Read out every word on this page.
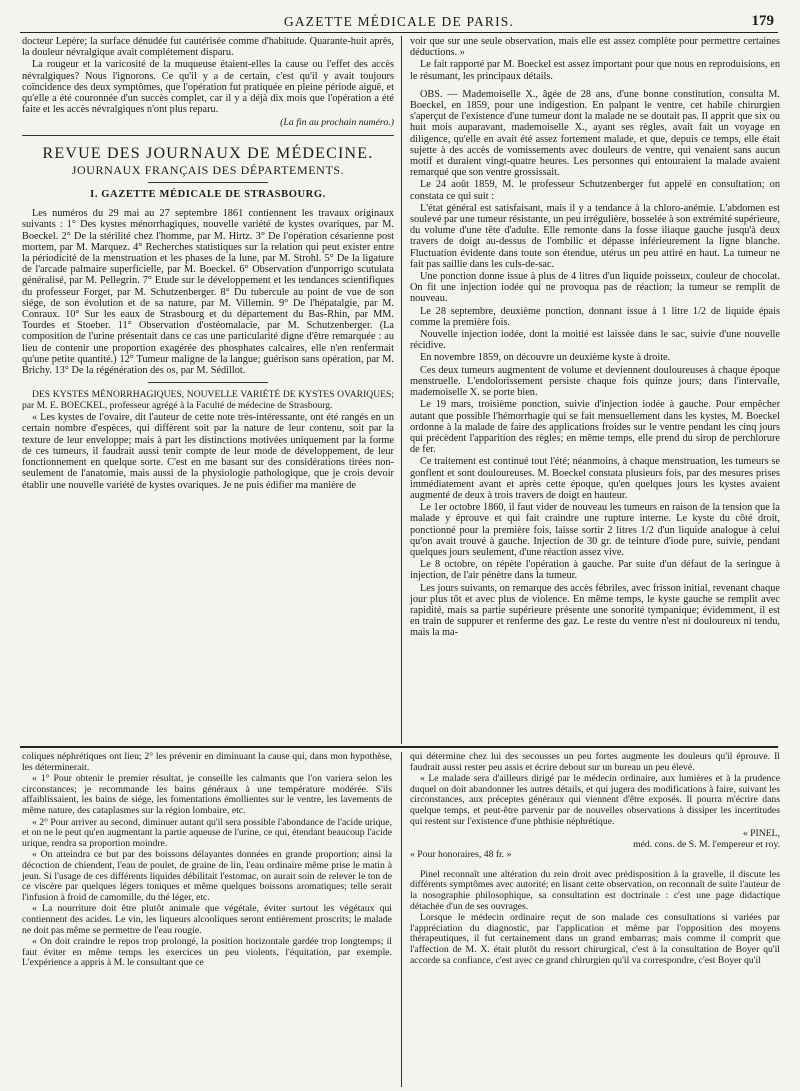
GAZETTE MÉDICALE DE PARIS.	179

docteur Lepère; la surface dénudée fut cautérisée comme d'habitude. Quarante-huit après, la douleur névralgique avait complétement disparu.

La rougeur et la varicosité de la muqueuse étaient-elles la cause ou l'effet des accès névralgiques? Nous l'ignorons. Ce qu'il y a de certain, c'est qu'il y avait toujours coïncidence des deux symptômes, que l'opération fut pratiquée en pleine période aiguë, et qu'elle a été couronnée d'un succès complet, car il y a déjà dix mois que l'opération a été faite et les accès névralgiques n'ont plus reparu.

(La fin au prochain numéro.)
REVUE DES JOURNAUX DE MÉDECINE.
JOURNAUX FRANÇAIS DES DÉPARTEMENTS.
I. GAZETTE MÉDICALE DE STRASBOURG.

Les numéros du 29 mai au 27 septembre 1861 contiennent les travaux originaux suivants : 1° Des kystes ménorrhagiques, nouvelle variété de kystes ovariques, par M. Boeckel. 2° De la stérilité chez l'homme, par M. Hirtz. 3° De l'opération césarienne post mortem, par M. Marquez. 4° Recherches statistiques sur la relation qui peut exister entre la périodicité de la menstruation et les phases de la lune, par M. Strohl. 5° De la ligature de l'arcade palmaire superficielle, par M. Boeckel. 6° Observation d'unporrigo scutulata généralisé, par M. Pellegrin. 7° Etude sur le développement et les tendances scientifiques du professeur Forget, par M. Schutzenberger. 8° Du tubercule au point de vue de son siége, de son évolution et de sa nature, par M. Villemin. 9° De l'hépatalgie, par M. Conraux. 10° Sur les eaux de Strasbourg et du département du Bas-Rhin, par MM. Tourdes et Stoeber. 11° Observation d'ostéomalacie, par M. Schutzenberger. (La composition de l'urine présentait dans ce cas une particularité digne d'être remarquée : au lieu de contenir une proportion exagérée des phosphates calcaires, elle n'en renfermait qu'une petite quantité.) 12° Tumeur maligne de la langue; guérison sans opération, par M. Brichy. 13° De la régénération des os, par M. Sédillot.

DES KYSTES MÉNORRHAGIQUES, NOUVELLE VARIÉTÉ DE KYSTES OVARIQUES; par M. E. BOECKEL, professeur agrégé à la Faculté de médecine de Strasbourg.

« Les kystes de l'ovaire, dit l'auteur de cette note très-intéressante, ont été rangés en un certain nombre d'espèces, qui diffèrent soit par la nature de leur contenu, soit par la texture de leur enveloppe; mais à part les distinctions motivées uniquement par la forme de ces tumeurs, il faudrait aussi tenir compte de leur mode de développement, de leur fonctionnement en quelque sorte. C'est en me basant sur des considérations tirées non-seulement de l'anatomie, mais aussi de la physiologie pathologique, que je crois devoir établir une nouvelle variété de kystes ovariques. Je ne puis édifier ma manière de

voir que sur une seule observation, mais elle est assez complète pour permettre certaines déductions. »

Le fait rapporté par M. Boeckel est assez important pour que nous en reproduisions, en le résumant, les principaux détails.

OBS. — Mademoiselle X., âgée de 28 ans, d'une bonne constitution, consulta M. Boeckel, en 1859, pour une indigestion. En palpant le ventre, cet habile chirurgien s'aperçut de l'existence d'une tumeur dont la malade ne se doutait pas. Il apprit que six ou huit mois auparavant, mademoiselle X., ayant ses règles, avait fait un voyage en diligence, qu'elle en avait été assez fortement malade, et que, depuis ce temps, elle était sujette à des accès de vomissements avec douleurs de ventre, qui venaient sans aucun motif et duraient vingt-quatre heures. Les personnes qui entouraient la malade avaient remarqué que son ventre grossissait.

Le 24 août 1859, M. le professeur Schutzenberger fut appelé en consultation; on constata ce qui suit :

L'état général est satisfaisant, mais il y a tendance à la chloro-anémie. L'abdomen est soulevé par une tumeur résistante, un peu irrégulière, bosselée à son extrémité supérieure, du volume d'une tête d'adulte. Elle remonte dans la fosse iliaque gauche jusqu'à deux travers de doigt au-dessus de l'ombilic et dépasse inférieurement la ligne blanche. Fluctuation évidente dans toute son étendue, utérus un peu attiré en haut. La tumeur ne fait pas saillie dans les culs-de-sac.

Une ponction donne issue à plus de 4 litres d'un liquide poisseux, couleur de chocolat. On fit une injection iodée qui ne provoqua pas de réaction; la tumeur se remplit de nouveau.

Le 28 septembre, deuxième ponction, donnant issue à 1 litre 1/2 de liquide épais comme la première fois.

Nouvelle injection iodée, dont la moitié est laissée dans le sac, suivie d'une nouvelle récidive.

En novembre 1859, on découvre un deuxième kyste à droite.

Ces deux tumeurs augmentent de volume et deviennent douloureuses à chaque époque menstruelle. L'endolorissement persiste chaque fois quinze jours; dans l'intervalle, mademoiselle X. se porte bien.

Le 19 mars, troisième ponction, suivie d'injection iodée à gauche. Pour empêcher autant que possible l'hémorrhagie qui se fait mensuellement dans les kystes, M. Boeckel ordonne à la malade de faire des applications froides sur le ventre pendant les cinq jours qui précèdent l'apparition des règles; en même temps, elle prend du sirop de perchlorure de fer.

Ce traitement est continué tout l'été; néanmoins, à chaque menstruation, les tumeurs se gonflent et sont douloureuses. M. Boeckel constata plusieurs fois, par des mesures prises immédiatement avant et après cette époque, qu'en quelques jours les kystes avaient augmenté de deux à trois travers de doigt en hauteur.

Le 1er octobre 1860, il faut vider de nouveau les tumeurs en raison de la tension que la malade y éprouve et qui fait craindre une rupture interne. Le kyste du côté droit, ponctionné pour la première fois, laisse sortir 2 litres 1/2 d'un liquide analogue à celui qu'on avait trouvé à gauche. Injection de 30 gr. de teinture d'iode pure, suivie, pendant quelques jours seulement, d'une réaction assez vive.

Le 8 octobre, on répète l'opération à gauche. Par suite d'un défaut de la seringue à injection, de l'air pénètre dans la tumeur.

Les jours suivants, on remarque des accès fébriles, avec frisson initial, revenant chaque jour plus tôt et avec plus de violence. En même temps, le kyste gauche se remplit avec rapidité, mais sa partie supérieure présente une sonorité tympanique; évidemment, il est en train de suppurer et renferme des gaz. Le reste du ventre n'est ni douloureux ni tendu, mais la ma-

coliques néphrétiques ont lieu; 2° les prévenir en diminuant la cause qui, dans mon hypothèse, les déterminerait.

« 1° Pour obtenir le premier résultat, je conseille les calmants que l'on variera selon les circonstances; je recommande les bains généraux à une température modérée. S'ils affaiblissaient, les bains de siége, les fomentations émollientes sur le ventre, les lavements de même nature, des cataplasmes sur la région lombaire, etc.

« 2° Pour arriver au second, diminuer autant qu'il sera possible l'abondance de l'acide urique, et on ne le peut qu'en augmentant la partie aqueuse de l'urine, ce qui, étendant beaucoup l'acide urique, rendra sa proportion moindre.

« On atteindra ce but par des boissons délayantes données en grande proportion; ainsi la décoction de chiendent, l'eau de poulet, de graine de lin, l'eau ordinaire même prise le matin à jeun. Si l'usage de ces différents liquides débilitait l'estomac, on aurait soin de relever le ton de ce viscère par quelques légers toniques et même quelques boissons aromatiques; telle serait l'infusion à froid de camomille, du thé léger, etc.

« La nourriture doit être plutôt animale que végétale, éviter surtout les végétaux qui contiennent des acides. Le vin, les liqueurs alcooliques seront entièrement proscrits; le malade ne doit pas même se permettre de l'eau rougie.

« On doit craindre le repos trop prolongé, la position horizontale gardée trop longtemps; il faut éviter en même temps les exercices un peu violents, l'équitation, par exemple. L'expérience a appris à M. le consultant que ce

qui détermine chez lui des secousses un peu fortes augmente les douleurs qu'il éprouve. Il faudrait aussi rester peu assis et écrire debout sur un bureau un peu élevé.

« Le malade sera d'ailleurs dirigé par le médecin ordinaire, aux lumières et à la prudence duquel on doit abandonner les autres détails, et qui jugera des modifications à faire, suivant les circonstances, aux préceptes généraux qui viennent d'être exposés. Il pourra m'écrire dans quelque temps, et peut-être parvenir par de nouvelles observations à dissiper les incertitudes qui restent sur l'existence d'une phthisie néphrétique.

« PINEL,
méd. cons. de S. M. l'empereur et roy.

« Pour honoraires, 48 fr. »

Pinel reconnaît une altération du rein droit avec prédisposition à la gravelle, il discute les différents symptômes avec autorité; en lisant cette observation, on reconnaît de suite l'auteur de la nosographie philosophique, sa consultation est doctrinale : c'est une page didactique détachée d'un de ses ouvrages.

Lorsque le médecin ordinaire reçut de son malade ces consultations si variées par l'appréciation du diagnostic, par l'application et même par l'opposition des moyens thérapeutiques, il fut certainement dans un grand embarras; mais comme il comprit que l'affection de M. X. était plutôt du ressort chirurgical, c'est à la consultation de Boyer qu'il accorde sa confiance, c'est avec ce grand chirurgien qu'il va correspondre, c'est Boyer qu'il
